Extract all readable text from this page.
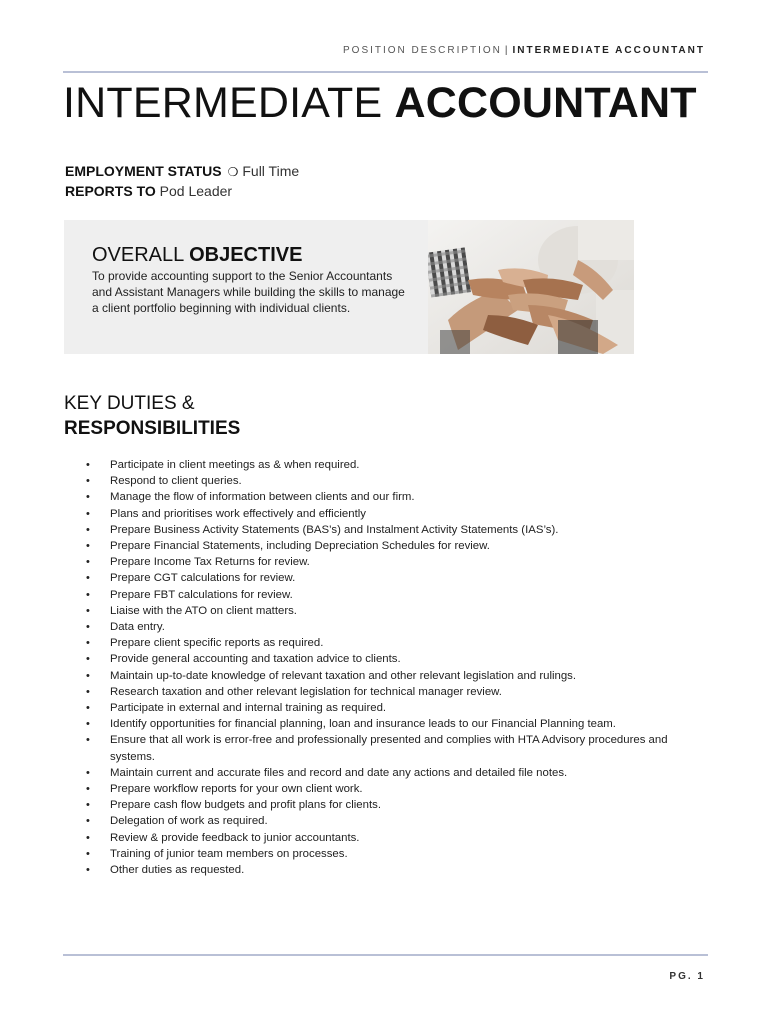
POSITION DESCRIPTION | INTERMEDIATE ACCOUNTANT
INTERMEDIATE ACCOUNTANT
EMPLOYMENT STATUS ❍ Full Time
REPORTS TO Pod Leader
OVERALL OBJECTIVE

To provide accounting support to the Senior Accountants and Assistant Managers while building the skills to manage a client portfolio beginning with individual clients.

KEY DUTIES &
RESPONSIBILITIES
• Participate in client meetings as & when required.
• Respond to client queries.
• Manage the flow of information between clients and our firm.
• Plans and prioritises work effectively and efficiently
• Prepare Business Activity Statements (BAS’s) and Instalment Activity Statements (IAS’s).
• Prepare Financial Statements, including Depreciation Schedules for review.
• Prepare Income Tax Returns for review.
• Prepare CGT calculations for review.
• Prepare FBT calculations for review.
• Liaise with the ATO on client matters.
• Data entry.
• Prepare client specific reports as required.
• Provide general accounting and taxation advice to clients.
• Maintain up-to-date knowledge of relevant taxation and other relevant legislation and rulings.
• Research taxation and other relevant legislation for technical manager review.
• Participate in external and internal training as required.
• Identify opportunities for financial planning, loan and insurance leads to our Financial Planning team.
• Ensure that all work is error-free and professionally presented and complies with HTA Advisory procedures and systems.
• Maintain current and accurate files and record and date any actions and detailed file notes.
• Prepare workflow reports for your own client work.
• Prepare cash flow budgets and profit plans for clients.
• Delegation of work as required.
• Review & provide feedback to junior accountants.
• Training of junior team members on processes.
• Other duties as requested.
PG. 1
